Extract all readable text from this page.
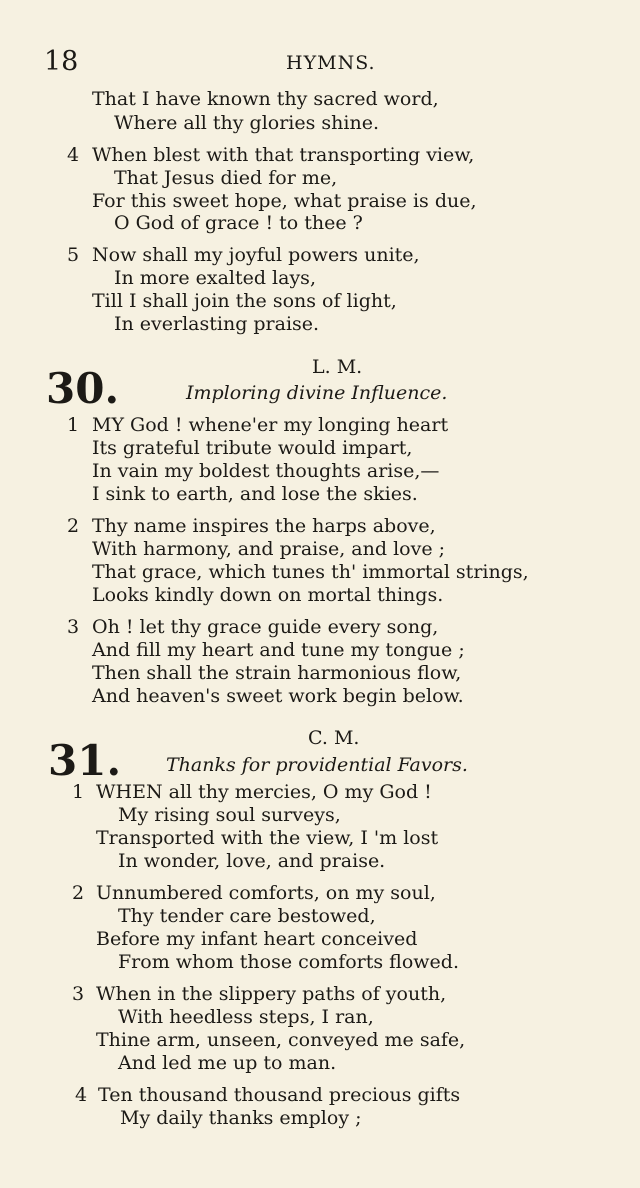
18	HYMNS.
That I have known thy sacred word,
Where all thy glories shine.
4 When blest with that transporting view,
That Jesus died for me,
For this sweet hope, what praise is due,
O God of grace ! to thee ?
5 Now shall my joyful powers unite,
In more exalted lays,
Till I shall join the sons of light,
In everlasting praise.
L. M.
30.	Imploring divine Influence.
1 MY God ! whene'er my longing heart
Its grateful tribute would impart,
In vain my boldest thoughts arise,—
I sink to earth, and lose the skies.
2 Thy name inspires the harps above,
With harmony, and praise, and love ;
That grace, which tunes th' immortal strings,
Looks kindly down on mortal things.
3 Oh ! let thy grace guide every song,
And fill my heart and tune my tongue ;
Then shall the strain harmonious flow,
And heaven's sweet work begin below.
C. M.
31. Thanks for providential Favors.
1 WHEN all thy mercies, O my God !
My rising soul surveys,
Transported with the view, I 'm lost
In wonder, love, and praise.
2 Unnumbered comforts, on my soul,
Thy tender care bestowed,
Before my infant heart conceived
From whom those comforts flowed.
3 When in the slippery paths of youth,
With heedless steps, I ran,
Thine arm, unseen, conveyed me safe,
And led me up to man.
4 Ten thousand thousand precious gifts
My daily thanks employ ;
